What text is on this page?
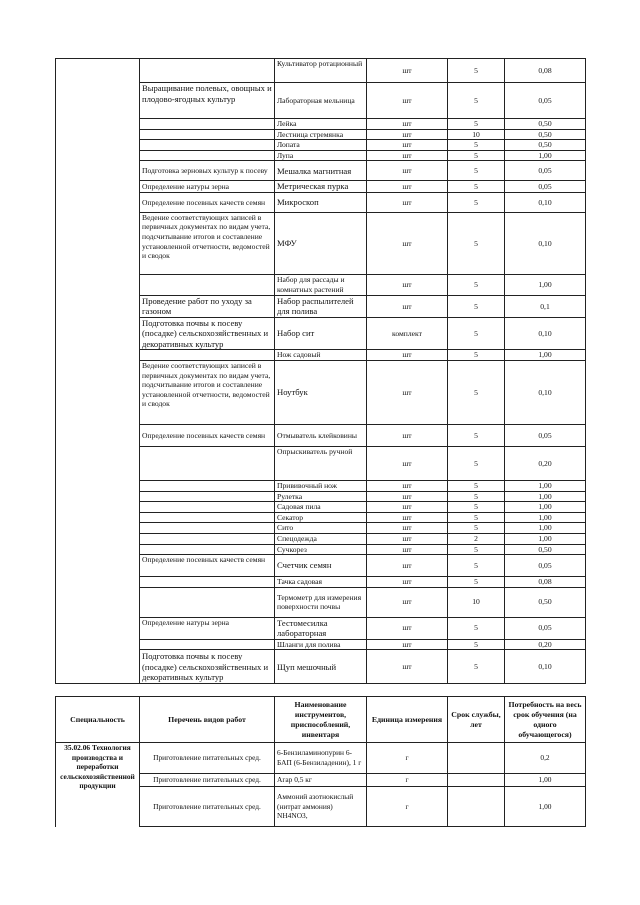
		Культиватор ротационный	шт	5	0,08
	Выращивание полевых, овощных и плодово-ягодных культур	Лабораторная мельница	шт	5	0,05
		Лейка	шт	5	0,50
		Лестница стремянка	шт	10	0,50
		Лопата	шт	5	0,50
		Лупа	шт	5	1,00
	Подготовка зерновых культур к посеву	Мешалка магнитная	шт	5	0,05
	Определение натуры зерна	Метрическая пурка	шт	5	0,05
	Определение посевных качеств семян	Микроскоп	шт	5	0,10
	Ведение соответствующих записей в первичных документах по видам учета, подсчитывание итогов и составление установленной отчетности, ведомостей и сводок	МФУ	шт	5	0,10
		Набор для рассады и комнатных растений	шт	5	1,00
	Проведение работ по уходу за газоном	Набор распылителей для полива	шт	5	0,1
	Подготовка почвы к посеву (посадке) сельскохозяйственных и декоративных культур	Набор сит	комплект	5	0,10
		Нож садовый	шт	5	1,00
	Ведение соответствующих записей в первичных документах по видам учета, подсчитывание итогов и составление установленной отчетности, ведомостей и сводок	Ноутбук	шт	5	0,10
	Определение посевных качеств семян	Отмыватель клейковины	шт	5	0,05
		Опрыскиватель ручной	шт	5	0,20
		Прививочный нож	шт	5	1,00
		Рулетка	шт	5	1,00
		Садовая пила	шт	5	1,00
		Секатор	шт	5	1,00
		Сито	шт	5	1,00
		Спецодежда	шт	2	1,00
		Сучкорез	шт	5	0,50
	Определение посевных качеств семян	Счетчик семян	шт	5	0,05
		Тачка садовая	шт	5	0,08
		Термометр для измерения поверхности почвы	шт	10	0,50
	Определение натуры зерна	Тестомесилка лабораторная	шт	5	0,05
		Шланги для полива	шт	5	0,20
	Подготовка почвы к посеву (посадке) сельскохозяйственных и декоративных культур	Щуп мешочный	шт	5	0,10
Специальность	Перечень видов работ	Наименование инструментов, приспособлений, инвентаря	Единица измерения	Срок службы, лет	Потребность на весь срок обучения (на одного обучающегося)
35.02.06 Технология производства и переработки сельскохозяйственной продукции	Приготовление питательных сред.	6-Бензиламинопурин 6-БАП (6-Бензиладенин), 1 г	г		0,2
	Приготовление питательных сред.	Агар 0,5 кг	г		1,00
	Приготовление питательных сред.	Аммоний азотнокислый (нитрат аммония) NH4NO3,	г		1,00
